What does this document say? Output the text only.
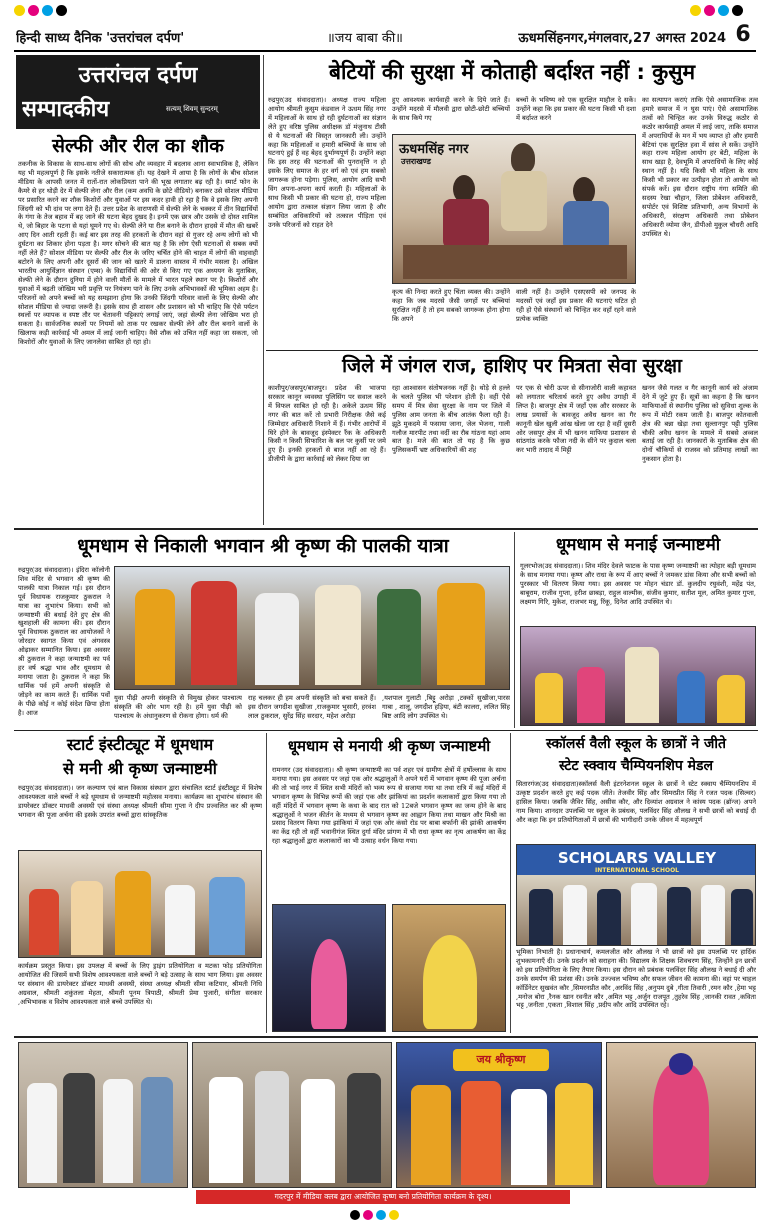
हिन्दी साध्य दैनिक 'उत्तरांचल दर्पण'	॥जय बाबा की॥	ऊधमसिंहनगर,मंगलवार,27 अगस्त 2024 6
उत्तरांचल दर्पण
सम्पादकीय	सत्यम् शिवम् सुन्दरम्
सेल्फी और रील का शौक
तकनीक के विकास के साथ-साथ लोगों की सोच और व्यवहार में बदलाव आना स्वाभाविक है, लेकिन यह भी महत्वपूर्ण है कि इसके नतीजे सकारात्मक हों। यह देखने में आया है कि लोगों के बीच सोशल मीडिया के आपसी जनत में रातों-रात लोकप्रियता पाने की भूख लगातार बढ़ रही है। स्मार्ट फोन के कैमरे से हर थोड़ी देर में सेल्फी लेना और रील (कम अवधि के छोटे वीडियो) बनाकर उसे सोशल मीडिया पर प्रसारित करने का शौक किशोरों और युवाओं पर इस कदर हावी हो रहा है कि वे इसके लिए अपनी जिंदगी को भी दांव पर लगा देते हैं। उत्तर प्रदेश के वाराणसी में सेल्फी लेने के चक्कर में तीन विद्यार्थियों के गंगा के तेज बहाव में बह जाने की घटना बेहद दुखद है। इनमें एक छात्र और उसके दो दोस्त शामिल थे, जो बिहार के पटना से यहां घूमने गए थे। सेल्फी लेने या रील बनाने के दौरान हादसे में मौत की खबरें आए दिन आती रहती हैं। कई बार इस तरह की हरकतों के दौरान वहां से गुजर रहे अन्य लोगों को भी दुर्घटना का शिकार होना पड़ता है। मगर सोचने की बात यह है कि लोग ऐसी घटनाओं से सबक क्यों नहीं लेते हैं? सोशल मीडिया पर सेल्फी और रील के जरिए चर्चित होने की चाहत में लोगों की वाहवाही बटोरने के लिए अपनी और दूसरों की जान को खतरे में डालना वास्तव में गंभीर मसला है। अखिल भारतीय आयुर्विज्ञान संस्थान (एम्स) के विद्यार्थियों की ओर से किए गए एक अध्ययन के मुताबिक, सेल्फी लेने के दौरान दुनिया में होने वाली मौतों के मामले में भारत पहले स्थान पर है। किशोरों और युवाओं में बढ़ती जोखिम भरी प्रवृत्ति पर नियंत्रण पाने के लिए उनके अभिभावकों की भूमिका अहम है। परिजनों को अपने बच्चों को यह समझाना होगा कि उनकी जिंदगी परिवार वालों के लिए सेल्फी और सोशल मीडिया से ज्यादा जरूरी है। इसके साथ ही शासन और प्रशासन को भी चाहिए कि ऐसे पर्यटन स्थलों पर व्यापक व स्पष्ट तौर पर चेतावनी पट्टिकाएं लगाई जाएं, जहां सेल्फी लेना जोखिम भरा हो सकता है। सार्वजनिक स्थलों पर नियमों को ताक पर रखकर सेल्फी लेने और रील बनाने वालों के खिलाफ कड़ी कार्रवाई भी अमल में लाई जानी चाहिए। वैसे शौक को उचित नहीं कहा जा सकता, जो किशोरों और युवाओं के लिए जानलेवा साबित हो रहा हो।
बेटियों की सुरक्षा में कोताही बर्दाश्त नहीं : कुसुम
रुद्रपुर(उद संवाददाता)। अध्यक्ष राज्य महिला आयोग श्रीमती कुसुम कंडवाल ने ऊधम सिंह नगर में महिलाओं के साथ हो रही दुर्घटनाओं का संज्ञान लेते हुए वरिष्ठ पुलिस अधीक्षक डॉ मंजुनाथ टीसी से ये घटनाओं की विस्तृत जानकारी ली। उन्होंने कहा कि महिलाओं व हमारी बच्चियों के साथ जो घटनाएं हुई हैं वह बेहद दुर्भाग्यपूर्ण हैं। उन्होंने कहा कि इस तरह की घटनाओं की पुनरावृत्ति न हो इसके लिए समाज के हर वर्ग को एवं हम सबको जागरूक होना पड़ेगा। पुलिस, आयोग आदि सभी विंग अपना-अपना कार्य करती हैं। महिलाओं के साथ किसी भी प्रकार की घटना हो, राज्य महिला आयोग द्वारा तत्काल संज्ञान लिया जाता है और सम्बंधित अधिकारियों को तत्काल पीड़िता एवं उनके परिजनों को राहत देने
हुए आवश्यक कार्यवाही करने के दिये जाते हैं। उन्होंने मदरसे में मौलवी द्वारा छोटी-छोटी बच्चियों के साथ किये गए
बच्चों के भविष्य को एक सुरक्षित माहौल दे सकें। उन्होंने कहा कि इस प्रकार की घटना किसी भी दशा में बर्दाश्त करने
ऊधमसिंह नगर
उत्तराखण्ड
कृत्य की निन्दा करते हुए चिंता व्यक्त की। उन्होंने कहा कि जब मदरसे जैसी जगहों पर बच्चियां सुरक्षित नहीं है तो हम सबको जागरूक होना होगा कि अपने
वाली नहीं है। उन्होंने एसएसपी को जनपद के मदरसों एवं जहाँ इस प्रकार की घटनाएं घटित हो रही हो ऐसे संस्थानों को चिन्हित कर वहाँ रहने वाले प्रत्येक व्यक्ति
का सत्यापन कराएं ताकि ऐसे असामाजिक तत्व हमारे समाज में न घुस पाएं। ऐसे असामाजिक तत्वों को चिन्हित कर उनके विरुद्ध कठोर से कठोर कार्यवाही अमल में लाई जाए, ताकि समाज में अपराधियों के मन में भय व्याप्त हो और हमारी बेटियां एक सुरक्षित हवा में सांस ले सकें। उन्होंने कहा राज्य महिला आयोग हर बेटी, महिला के साथ खड़ा है, देवभूमि में अपराधियों के लिए कोई स्थान नहीं है। यदि किसी भी महिला के साथ किसी भी प्रकार का उत्पीड़न होता तो आयोग को संपर्क करें। इस दौरान राष्ट्रीय गंगा समिति की सदस्य रेखा चौहान, जिला प्रोबेशन अधिकारी, सपोर्टर एवं विशिष्ट प्रतिभागी, अन्य विभागों के अधिकारी, संरक्षण अधिकारी तथा प्रोबेशन अधिकारी व्योमा जैन, डीपीओ मुकुल चौधरी आदि उपस्थित थे।
जिले में जंगल राज, हाशिए पर मित्रता सेवा सुरक्षा
काशीपुर/जसपुर/बाजपुर। प्रदेश की भाजपा सरकार कानून व्यवस्था पुलिसिंग पर सवाल करने में विफल साबित हो रही है। अकेले ऊधम सिंह नगर की बात करें तो प्रभारी निरीक्षक जैसे कई जिम्मेदार अधिकारी निशाने में हैं। गंभीर आरोपों में घिरे होने के बावजूद इंस्पेक्टर रैंक के अधिकारी किसी न किसी सिफारिश के बल पर कुर्सी पर जमे हुए हैं। इनकी हरकतों से बाज नहीं आ रहे हैं। डीजीपी के द्वारा कार्रवाई को लेकर दिया जा
रहा आश्वासन संतोषजनक नहीं है। थोड़े से हल्ले के चलते पुलिस भी परेशान होती है। वहीं ऐसे समय में मित्र सेवा सुरक्षा के नाम पर जिले में पुलिस आम जनता के बीच आतंक फैला रही है। झूठे मुकदमे में फसाया जाना, जेल भेजना, गाली गलौज मारपीट तथा वर्दी का रौब गांठना यहां आम बात है। मजे की बात तो यह है कि कुछ पुलिसकर्मी भ्रष्ट अधिकारियों की शह
पर एक से चोरी ऊपर से सीनाजोरी वाली कहावत को लगातार चरितार्थ करते हुए अवैध उगाही में लिप्त है। बाजपुर क्षेत्र में जहाँ एक और सरकार के लाख प्रयासों के बावजूद अवैध खनन का गैर कानूनी खेल खुली आंख खेला जा रहा है वहीं दूसरी ओर जसपुर क्षेत्र में भी खनन माफिया प्रशासन से सांठगांठ करके फौजा नदी के सीने पर कुदाल चला कर भारी तादाद में मिट्टी
खनन जैसे गलत व गैर कानूनी कार्य को अंजाम देने में जुटे हुए हैं। सूत्रों का कहना है कि खनन माफियाओं से स्थानीय पुलिस को सुविधा शुल्क के रूप में मोटी रकम जाती है। बाजपुर कोतवाली क्षेत्र की बन्ना खेड़ा तथा सुल्तानपुर पट्टी पुलिस चौकी अवैध खनन के मामले में सबसे अव्वल बताई जा रही है। जानकारों के मुताबिक क्षेत्र की दोनों चौकियों से राजस्व को प्रतिमाह लाखों का नुकसान होता है।
धूमधाम से निकाली भगवान श्री कृष्ण की पालकी यात्रा
रुद्रपुर(उद संवाददाता)। इंदिरा कॉलोनी शिव मंदिर से भगवान श्री कृष्ण की पालकी यात्रा निकाल गई। इस दौरान पूर्व विधायक राजकुमार ठुकराल ने यात्रा का शुभारंभ किया। सभी को जन्माष्टमी की बधाई देते हुए क्षेत्र की खुशहाली की कामना की। इस दौरान पूर्व विधायक ठुकराल का आयोजकों ने जोरदार स्वागत किया एवं अंगवस्त्र ओढ़ाकर सम्मानित किया। इस अवसर श्री ठुकराल ने कहा जन्माष्टमी का पर्व हर वर्ष श्रद्धा भाव और धूमधाम से मनाया जाता है। ठुकराल ने कहा कि धार्मिक पर्व हमें अपनी संस्कृति से जोड़ने का काम करते हैं। धार्मिक पर्वों के पीछे कोई न कोई संदेश छिपा होता है। आज
युवा पीढ़ी अपनी संस्कृति से विमुख होकर पाश्चात्य संस्कृति की ओर भाग रही है। हमें युवा पीढ़ी को पाश्चात्य के अंधानुकरण से रोकना होगा। धर्म की
राह चलकर ही हम अपनी संस्कृति को बचा सकते हैं। इस दौरान जगदीश सुखीजा ,राजकुमार भुसारी, हरवंश लाल ठुकराल, सुरेंद्र सिंह सरदार, महेश अरोड़ा
,यशपाल गुलाटी ,बिट्टू अरोड़ा ,टक्कों सुखीजा,पारस गाबा , शालू, जगदीश हड़िया, बंटी कालरा, ललित सिंह बिष्ट आदि लोग उपस्थित थे।
धूमधाम से मनाई जन्माष्टमी
गूलरभोज(उद संवाददाता)। शिव मंदिर देवले फाटक के पास कृष्ण जन्माष्टमी का त्योहार बड़ी धूमधाम के साथ मनाया गया। कृष्ण और राधा के रूप में आए बच्चों ने जमकर डांस किया और सभी बच्चों को पुरस्कार भी वितरण किया गया। इस अवसर पर मोहन चंडार डॉ. कुलदीप रघुवंशी, महेंद्र पंत, बाबूराम, राजीव गुप्ता, हरीश छाबड़ा, राहुल वाल्मीक, संजीव कुमार, सतीश मूल, अमित कुमार गुप्ता, लक्ष्मण गिरि, मुकेश, राजभर मन्नू, रिंकू, दिनेश आदि उपस्थित थे।
स्टार्ट इंस्टीट्यूट में धूमधाम
से मनी श्री कृष्ण जन्माष्टमी
रुद्रपुर(उद संवाददाता)। जन कल्याण एवं बाल विकास संस्थान द्वारा संचालित स्टार्ट इंस्टीट्यूट में विशेष आवश्यकता वाले बच्चों ने बड़े धूमधाम से जन्माष्टमी महोत्सव मनाया। कार्यक्रम का शुभारंभ संस्थान की डायरेक्टर डॉक्टर माधवी अवस्थी एवं संस्था अध्यक्ष श्रीमती सीमा गुप्ता ने दीप प्रज्वलित कर श्री कृष्ण भगवान की पूजा अर्चना की इसके उपरांत बच्चों द्वारा सांस्कृतिक
कार्यक्रम प्रस्तुत किया। इस उपलक्ष में बच्चों के लिए ड्राइंग प्रतियोगिता व मटका फोड़ प्रतियोगिता आयोजित की जिसमें सभी विशेष आवश्यकता वाले बच्चों ने बड़े उत्साह के साथ भाग लिया। इस अवसर पर संस्थान की डायरेक्टर डॉक्टर माधवी अवस्थी, संस्था अध्यक्ष श्रीमती सीमा कटियार, श्रीमती निधि अग्रवाल, श्रीमती शकुंतला मेहता, श्रीमती पूनम त्रिपाठी, श्रीमती प्रेमा पुजारी, संगीता सरकार ,अभिभावक व विशेष आवश्यकता वाले बच्चे उपस्थित थे।
धूमधाम से मनायी श्री कृष्ण जन्माष्टमी
रामनगर (उद संवाददाता)। श्री कृष्ण जन्माष्टमी का पर्व शहर एवं ग्रामीण क्षेत्रों में हर्षोल्लास के साथ मनाया गया। इस अवसर पर जहां एक ओर श्रद्धालुओं ने अपने घरों में भगवान कृष्ण की पूजा अर्चना की तो भाई नगर में स्थित सभी मंदिरों को भव्य रूप से सजाया गया था तथा रात्रि में कई मंदिरों में भगवान कृष्ण के विभिन्न रूपों की जहां एक और झांकियां का प्रदर्शन कलाकारों द्वारा किया गया तो वहीं मंदिरों में भगवान कृष्ण के कथा के बाद रात को 12बजे भगवान कृष्ण का जन्म होने के बाद श्रद्धालुओं ने भजन कीर्तन के मध्यम से भगवान कृष्ण का आह्वान किया तथा माखन और मिश्री का प्रसाद वितरण किया गया झांकियां में जहां एक ओर कंसो रोड पर बाबा बर्फानी की झांकी आकर्षण का केंद्र रही तो वहीं भवानीगंज स्थित दुर्गा मंदिर प्रांगण में भी राधा कृष्ण का नृत्य आकर्षण का केंद्र रहा श्रद्धालुओं द्वारा कलाकारों का भी उत्साह वर्धन किया गया।
स्कॉलर्स वैली स्कूल के छात्रों ने जीते
स्टेट स्क्वाय चैम्पियनशिप मेडल
सितारगंज(उद संवाददाता)स्कॉलर्स वैली इंटरनेशनल स्कूल के छात्रों ने स्टेट स्क्वाय चैम्पियनशिप में उत्कृष्ट प्रदर्शन करते हुए कई पदक जीते। तेजवीर सिंह और सिमरप्रीत सिंह ने रजत पदक (सिल्वर) हासिल किया। जबकि जैविर सिंह, असीस कौर, और दिव्यांश अग्रवाल ने कांस्य पदक (ब्रॉन्ज) अपने नाम किया। शानदार उपलब्धि पर स्कूल के प्रबंधक, पलविंदर सिंह औलख ने सभी छात्रों को बधाई दी और कहा कि इन प्रतियोगिताओं में छात्रों की भागीदारी उनके जीवन में महत्वपूर्ण
SCHOLARS VALLEY
INTERNATIONAL SCHOOL
भूमिका निभाती है। प्रधानाचार्य, कमलजीत कौर औलख ने भी छात्रों को इस उपलब्धि पर हार्दिक शुभकामनाएँ दी। उनके प्रदर्शन को सराहना की। विद्यालय के शिक्षक शिवचरण सिंह, जिन्होंने इन छात्रों को इस प्रतियोगिता के लिए तैयार किया। इस दौरान को प्रबंधक पलविंदर सिंह औलख ने बधाई दी और उनके समर्पण की प्रशंसा की। उनके उज्ज्वल भविष्य और सफल जीवन की कामना की। वहां पर चाहल कॉर्डिनेटर सुखवंत कौर ,सिमरनप्रीत कौर ,अरविंद सिंह ,अनुपम दुबे ,गीता तिवारी ,रमन कौर ,हेमा भट्ट ,मनोज बोरा ,रैनक खान रवनीत कौर ,अमित भट्ट ,अर्जुन राजपूत ,तुहरेव सिंह ,जानकी रावत ,कविता भट्ट ,जनीता ,एकता ,विशाल सिंह ,प्रदीप कौर आदि उपस्थित रहे।
जय श्रीकृष्ण
गदरपुर में मीडिया क्लब द्वारा आयोजित कृष्ण बनो प्रतियोगिता कार्यक्रम के दृश्य।
